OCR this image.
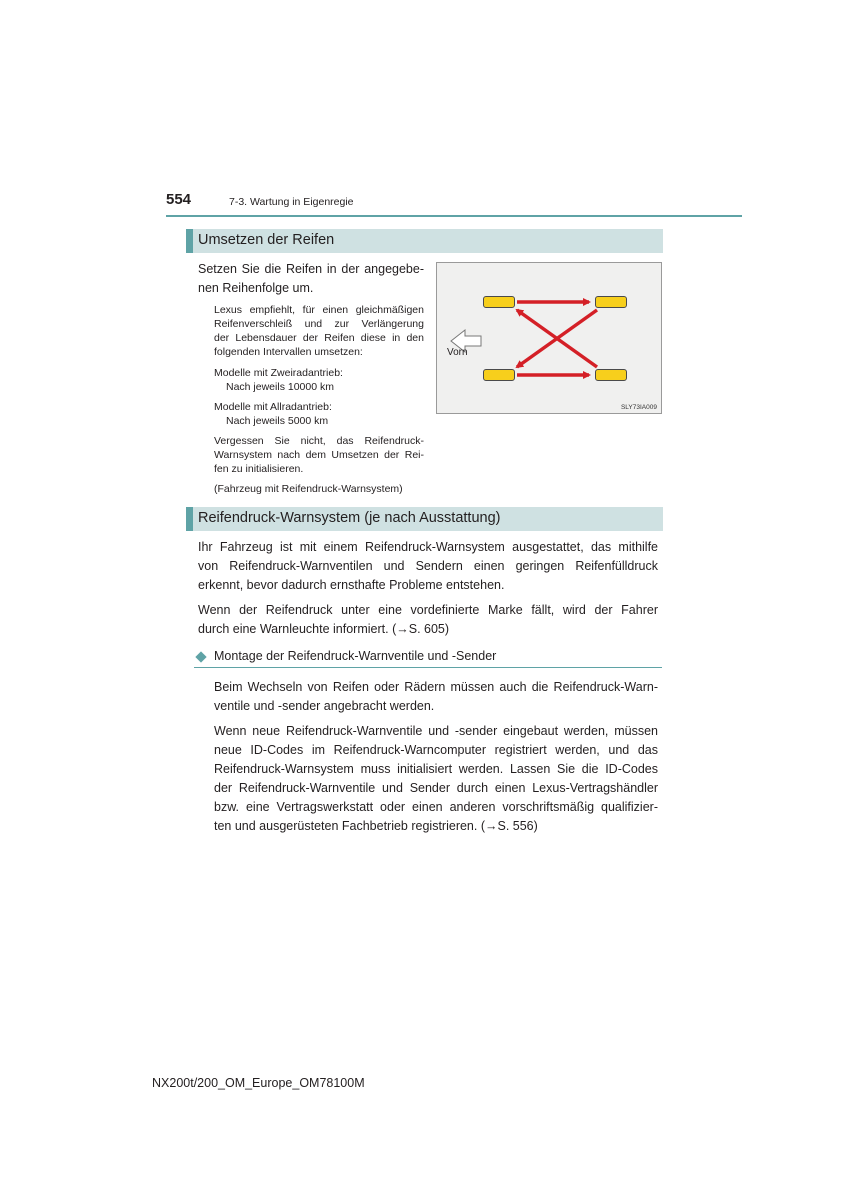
554	7-3. Wartung in Eigenregie
Umsetzen der Reifen
Setzen Sie die Reifen in der angegebe-
nen Reihenfolge um.
Lexus empfiehlt, für einen gleichmäßigen
Reifenverschleiß und zur Verlängerung
der Lebensdauer der Reifen diese in den
folgenden Intervallen umsetzen:
Modelle mit Zweiradantrieb:
Nach jeweils 10000 km
Modelle mit Allradantrieb:
Nach jeweils 5000 km
Vergessen Sie nicht, das Reifendruck-
Warnsystem nach dem Umsetzen der Rei-
fen zu initialisieren.
(Fahrzeug mit Reifendruck-Warnsystem)
Vorn
SLY73IA009
Reifendruck-Warnsystem (je nach Ausstattung)
Ihr Fahrzeug ist mit einem Reifendruck-Warnsystem ausgestattet, das mithilfe
von Reifendruck-Warnventilen und Sendern einen geringen Reifenfülldruck
erkennt, bevor dadurch ernsthafte Probleme entstehen.
Wenn der Reifendruck unter eine vordefinierte Marke fällt, wird der Fahrer
durch eine Warnleuchte informiert. (→S. 605)
Montage der Reifendruck-Warnventile und -Sender
Beim Wechseln von Reifen oder Rädern müssen auch die Reifendruck-Warn-
ventile und -sender angebracht werden.
Wenn neue Reifendruck-Warnventile und -sender eingebaut werden, müssen
neue ID-Codes im Reifendruck-Warncomputer registriert werden, und das
Reifendruck-Warnsystem muss initialisiert werden. Lassen Sie die ID-Codes
der Reifendruck-Warnventile und Sender durch einen Lexus-Vertragshändler
bzw. eine Vertragswerkstatt oder einen anderen vorschriftsmäßig qualifizier-
ten und ausgerüsteten Fachbetrieb registrieren. (→S. 556)
NX200t/200_OM_Europe_OM78100M
